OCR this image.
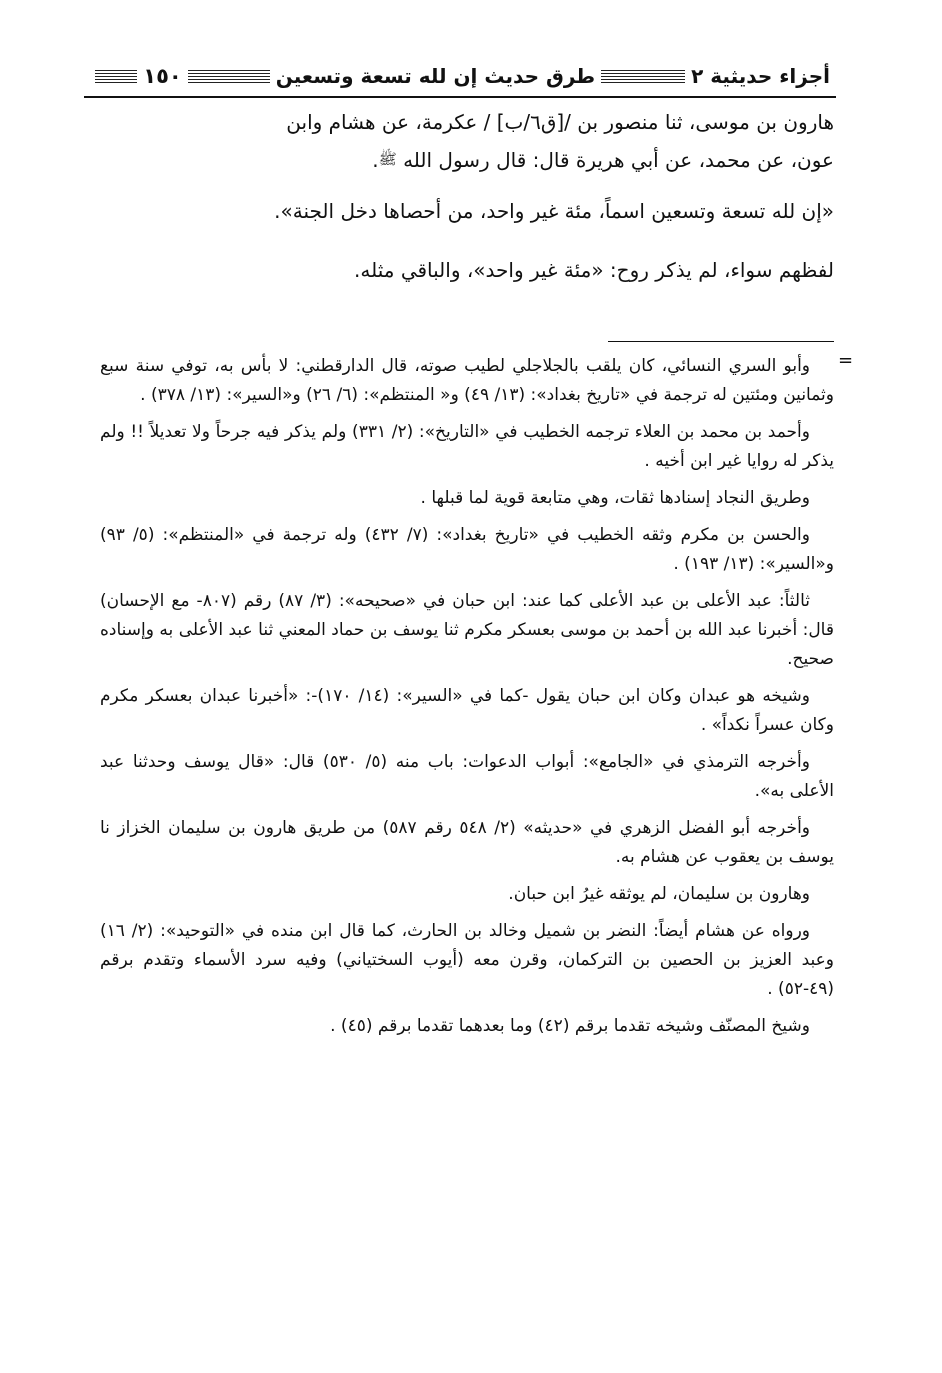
أجزاء حديثية ٢
طرق حديث إن لله تسعة وتسعين
١٥٠

هارون بن موسى، ثنا منصور بن /[ق٦/ب] / عكرمة، عن هشام وابن

عون، عن محمد، عن أبي هريرة قال: قال رسول الله ﷺ.

«إن لله تسعة وتسعين اسماً، مئة غير واحد، من أحصاها دخل الجنة».

لفظهم سواء، لم يذكر روح: «مئة غير واحد»، والباقي مثله.

=

وأبو السري النسائي، كان يلقب بالجلاجلي لطيب صوته، قال الدارقطني: لا بأس به، توفي سنة سبع وثمانين ومئتين له ترجمة في «تاريخ بغداد»: (١٣/ ٤٩) و« المنتظم»: (٦/ ٢٦) و«السير»: (١٣/ ٣٧٨) .

وأحمد بن محمد بن العلاء ترجمه الخطيب في «التاريخ»: (٢/ ٣٣١) ولم يذكر فيه جرحاً ولا تعديلاً !! ولم يذكر له روايا غير ابن أخيه .

وطريق النجاد إسنادها ثقات، وهي متابعة قوية لما قبلها .

والحسن بن مكرم وثقه الخطيب في «تاريخ بغداد»: (٧/ ٤٣٢) وله ترجمة في «المنتظم»: (٥/ ٩٣) و«السير»: (١٣/ ١٩٣) .

ثالثاً: عبد الأعلى بن عبد الأعلى كما عند: ابن حبان في «صحيحه»: (٣/ ٨٧) رقم (٨٠٧- مع الإحسان) قال: أخبرنا عبد الله بن أحمد بن موسى بعسكر مكرم ثنا يوسف بن حماد المعني ثنا عبد الأعلى به وإسناده صحيح.

وشيخه هو عبدان وكان ابن حبان يقول -كما في «السير»: (١٤/ ١٧٠)-: «أخبرنا عبدان بعسكر مكرم وكان عسراً نكداً» .

وأخرجه الترمذي في «الجامع»: أبواب الدعوات: باب منه (٥/ ٥٣٠) قال: «قال يوسف وحدثنا عبد الأعلى به».

وأخرجه أبو الفضل الزهري في «حديثه» (٢/ ٥٤٨ رقم ٥٨٧) من طريق هارون بن سليمان الخزاز نا يوسف بن يعقوب عن هشام به.

وهارون بن سليمان، لم يوثقه غيرُ ابن حبان.

ورواه عن هشام أيضاً: النضر بن شميل وخالد بن الحارث، كما قال ابن منده في «التوحيد»: (٢/ ١٦) وعبد العزيز بن الحصين بن التركمان، وقرن معه (أيوب السختياني) وفيه سرد الأسماء وتقدم برقم (٤٩-٥٢) .

وشيخ المصنّف وشيخه تقدما برقم (٤٢) وما بعدهما تقدما برقم (٤٥) .
